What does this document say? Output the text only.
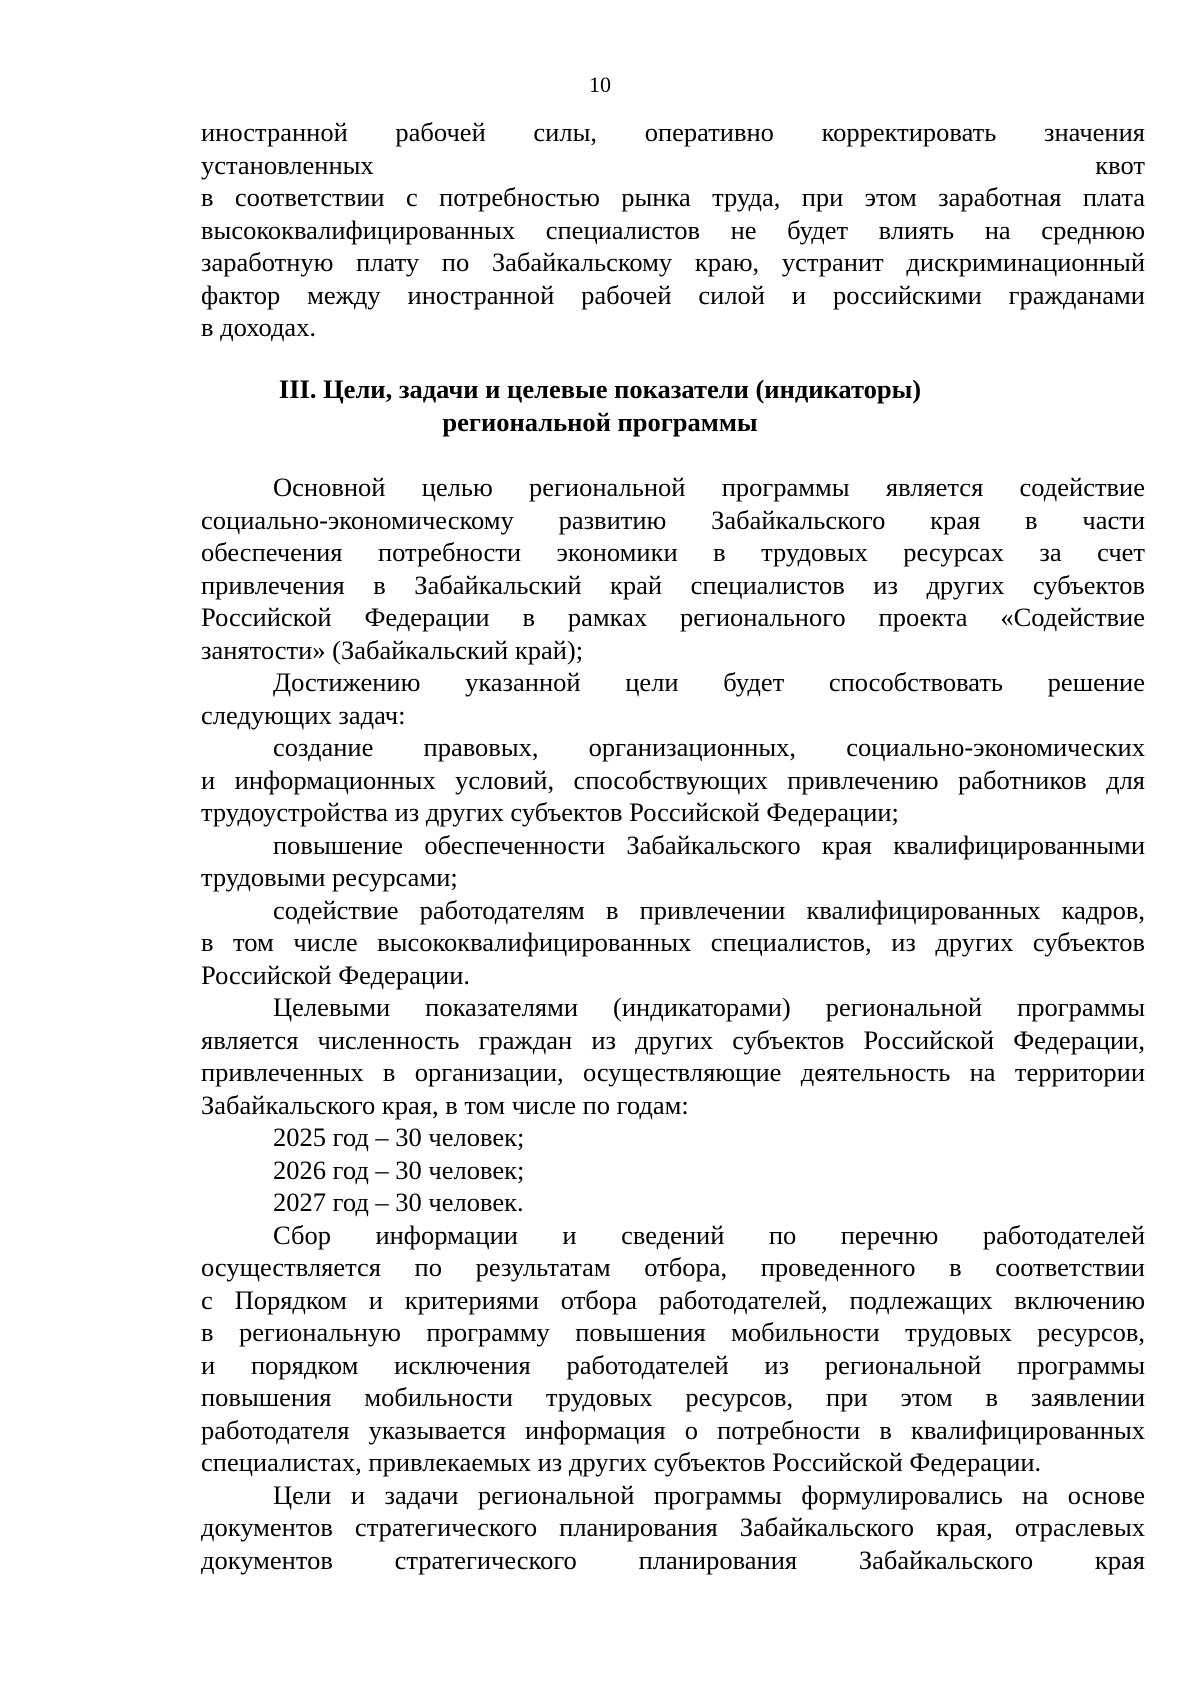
10
иностранной рабочей силы, оперативно корректировать значения
установленных квот
в соответствии с потребностью рынка труда, при этом заработная плата
высококвалифицированных специалистов не будет влиять на среднюю
заработную плату по Забайкальскому краю, устранит дискриминационный
фактор между иностранной рабочей силой и российскими гражданами
в доходах.
III. Цели, задачи и целевые показатели (индикаторы)
региональной программы
Основной целью региональной программы является содействие
социально-экономическому развитию Забайкальского края в части
обеспечения потребности экономики в трудовых ресурсах за счет
привлечения в Забайкальский край специалистов из других субъектов
Российской Федерации в рамках регионального проекта «Содействие
занятости» (Забайкальский край);
Достижению указанной цели будет способствовать решение
следующих задач:
создание правовых, организационных, социально-экономических
и информационных условий, способствующих привлечению работников для
трудоустройства из других субъектов Российской Федерации;
повышение обеспеченности Забайкальского края квалифицированными
трудовыми ресурсами;
содействие работодателям в привлечении квалифицированных кадров,
в том числе высококвалифицированных специалистов, из других субъектов
Российской Федерации.
Целевыми показателями (индикаторами) региональной программы
является численность граждан из других субъектов Российской Федерации,
привлеченных в организации, осуществляющие деятельность на территории
Забайкальского края, в том числе по годам:
2025 год – 30 человек;
2026 год – 30 человек;
2027 год – 30 человек.
Сбор информации и сведений по перечню работодателей
осуществляется по результатам отбора, проведенного в соответствии
с Порядком и критериями отбора работодателей, подлежащих включению
в региональную программу повышения мобильности трудовых ресурсов,
и порядком исключения работодателей из региональной программы
повышения мобильности трудовых ресурсов, при этом в заявлении
работодателя указывается информация о потребности в квалифицированных
специалистах, привлекаемых из других субъектов Российской Федерации.
Цели и задачи региональной программы формулировались на основе
документов стратегического планирования Забайкальского края, отраслевых
документов стратегического планирования Забайкальского края
